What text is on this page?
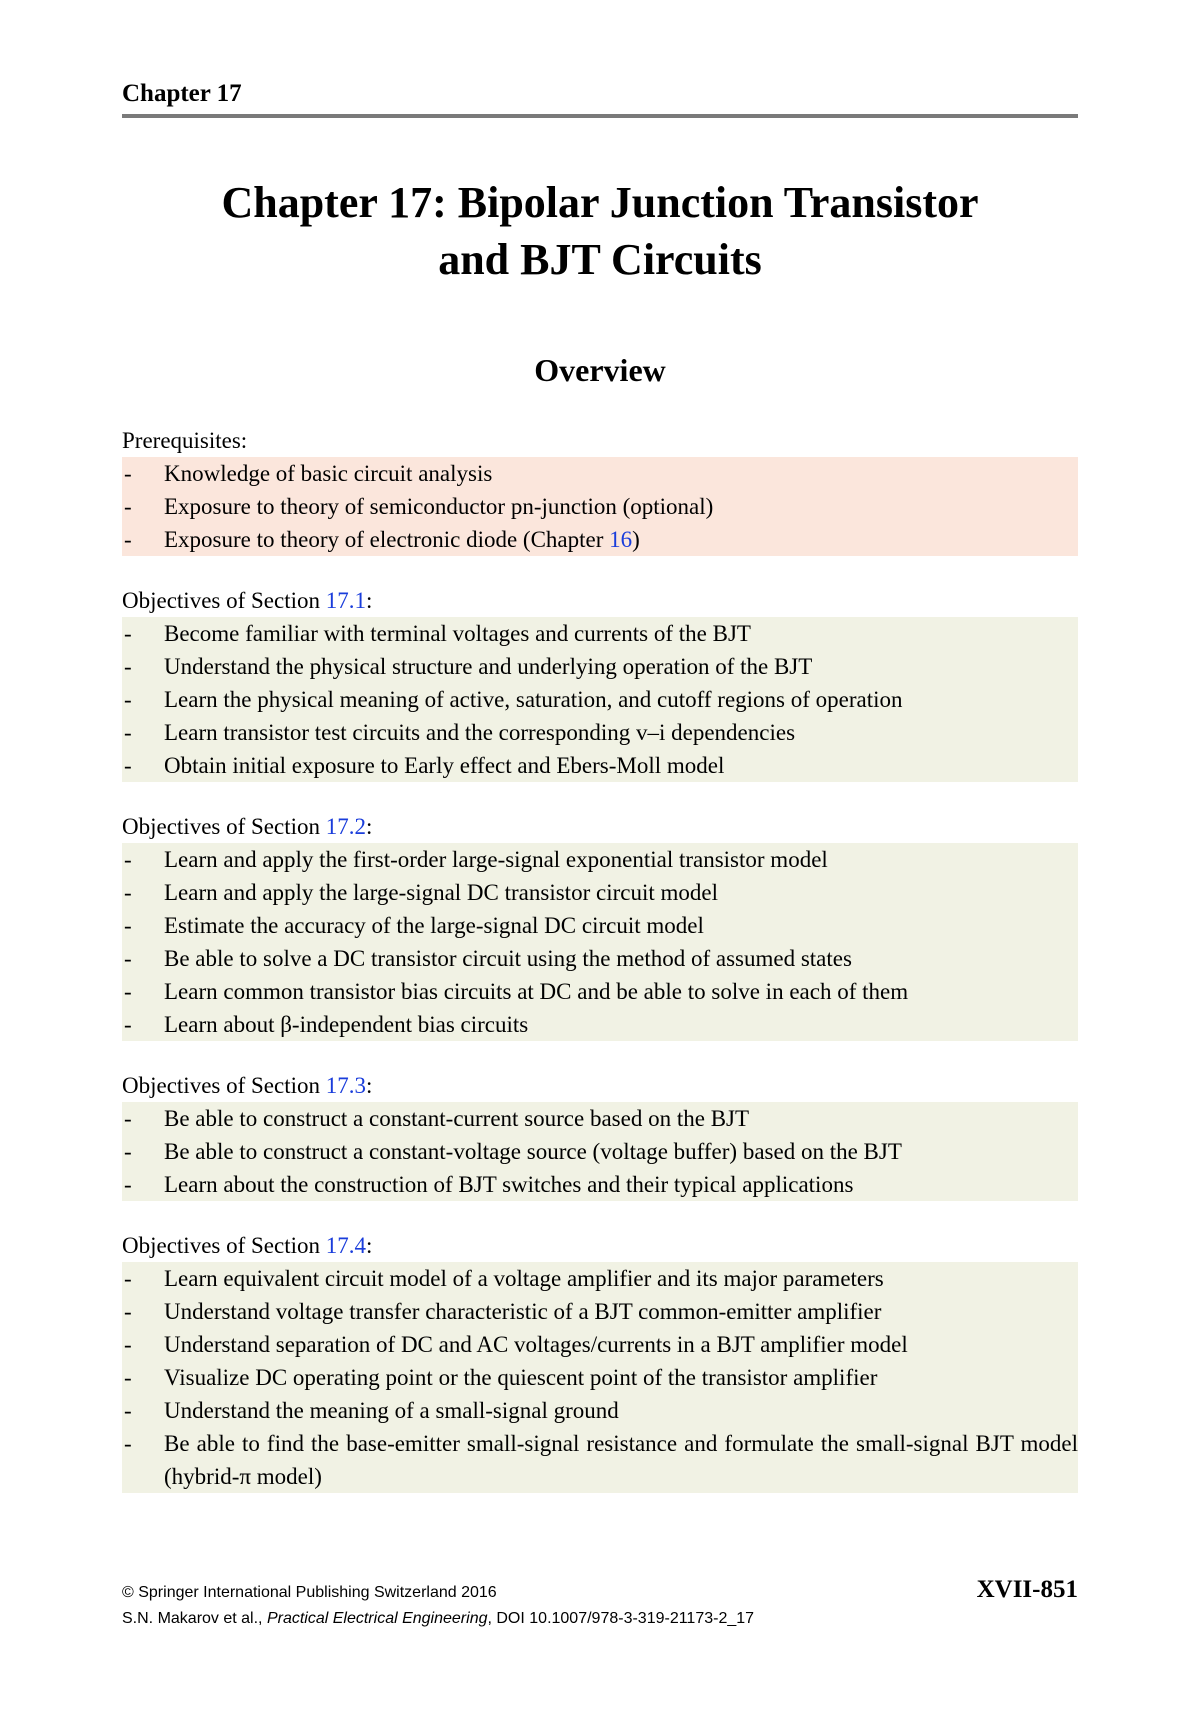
Chapter 17
Chapter 17: Bipolar Junction Transistor
and BJT Circuits
Overview
Prerequisites:
-	Knowledge of basic circuit analysis
-	Exposure to theory of semiconductor pn-junction (optional)
-	Exposure to theory of electronic diode (Chapter 16)
Objectives of Section 17.1:
-	Become familiar with terminal voltages and currents of the BJT
-	Understand the physical structure and underlying operation of the BJT
-	Learn the physical meaning of active, saturation, and cutoff regions of operation
-	Learn transistor test circuits and the corresponding v–i dependencies
-	Obtain initial exposure to Early effect and Ebers-Moll model
Objectives of Section 17.2:
-	Learn and apply the first-order large-signal exponential transistor model
-	Learn and apply the large-signal DC transistor circuit model
-	Estimate the accuracy of the large-signal DC circuit model
-	Be able to solve a DC transistor circuit using the method of assumed states
-	Learn common transistor bias circuits at DC and be able to solve in each of them
-	Learn about β-independent bias circuits
Objectives of Section 17.3:
-	Be able to construct a constant-current source based on the BJT
-	Be able to construct a constant-voltage source (voltage buffer) based on the BJT
-	Learn about the construction of BJT switches and their typical applications
Objectives of Section 17.4:
-	Learn equivalent circuit model of a voltage amplifier and its major parameters
-	Understand voltage transfer characteristic of a BJT common-emitter amplifier
-	Understand separation of DC and AC voltages/currents in a BJT amplifier model
-	Visualize DC operating point or the quiescent point of the transistor amplifier
-	Understand the meaning of a small-signal ground
-	Be able to find the base-emitter small-signal resistance and formulate the small-signal BJT model (hybrid-π model)
© Springer International Publishing Switzerland 2016
S.N. Makarov et al., Practical Electrical Engineering, DOI 10.1007/978-3-319-21173-2_17
XVII-851
